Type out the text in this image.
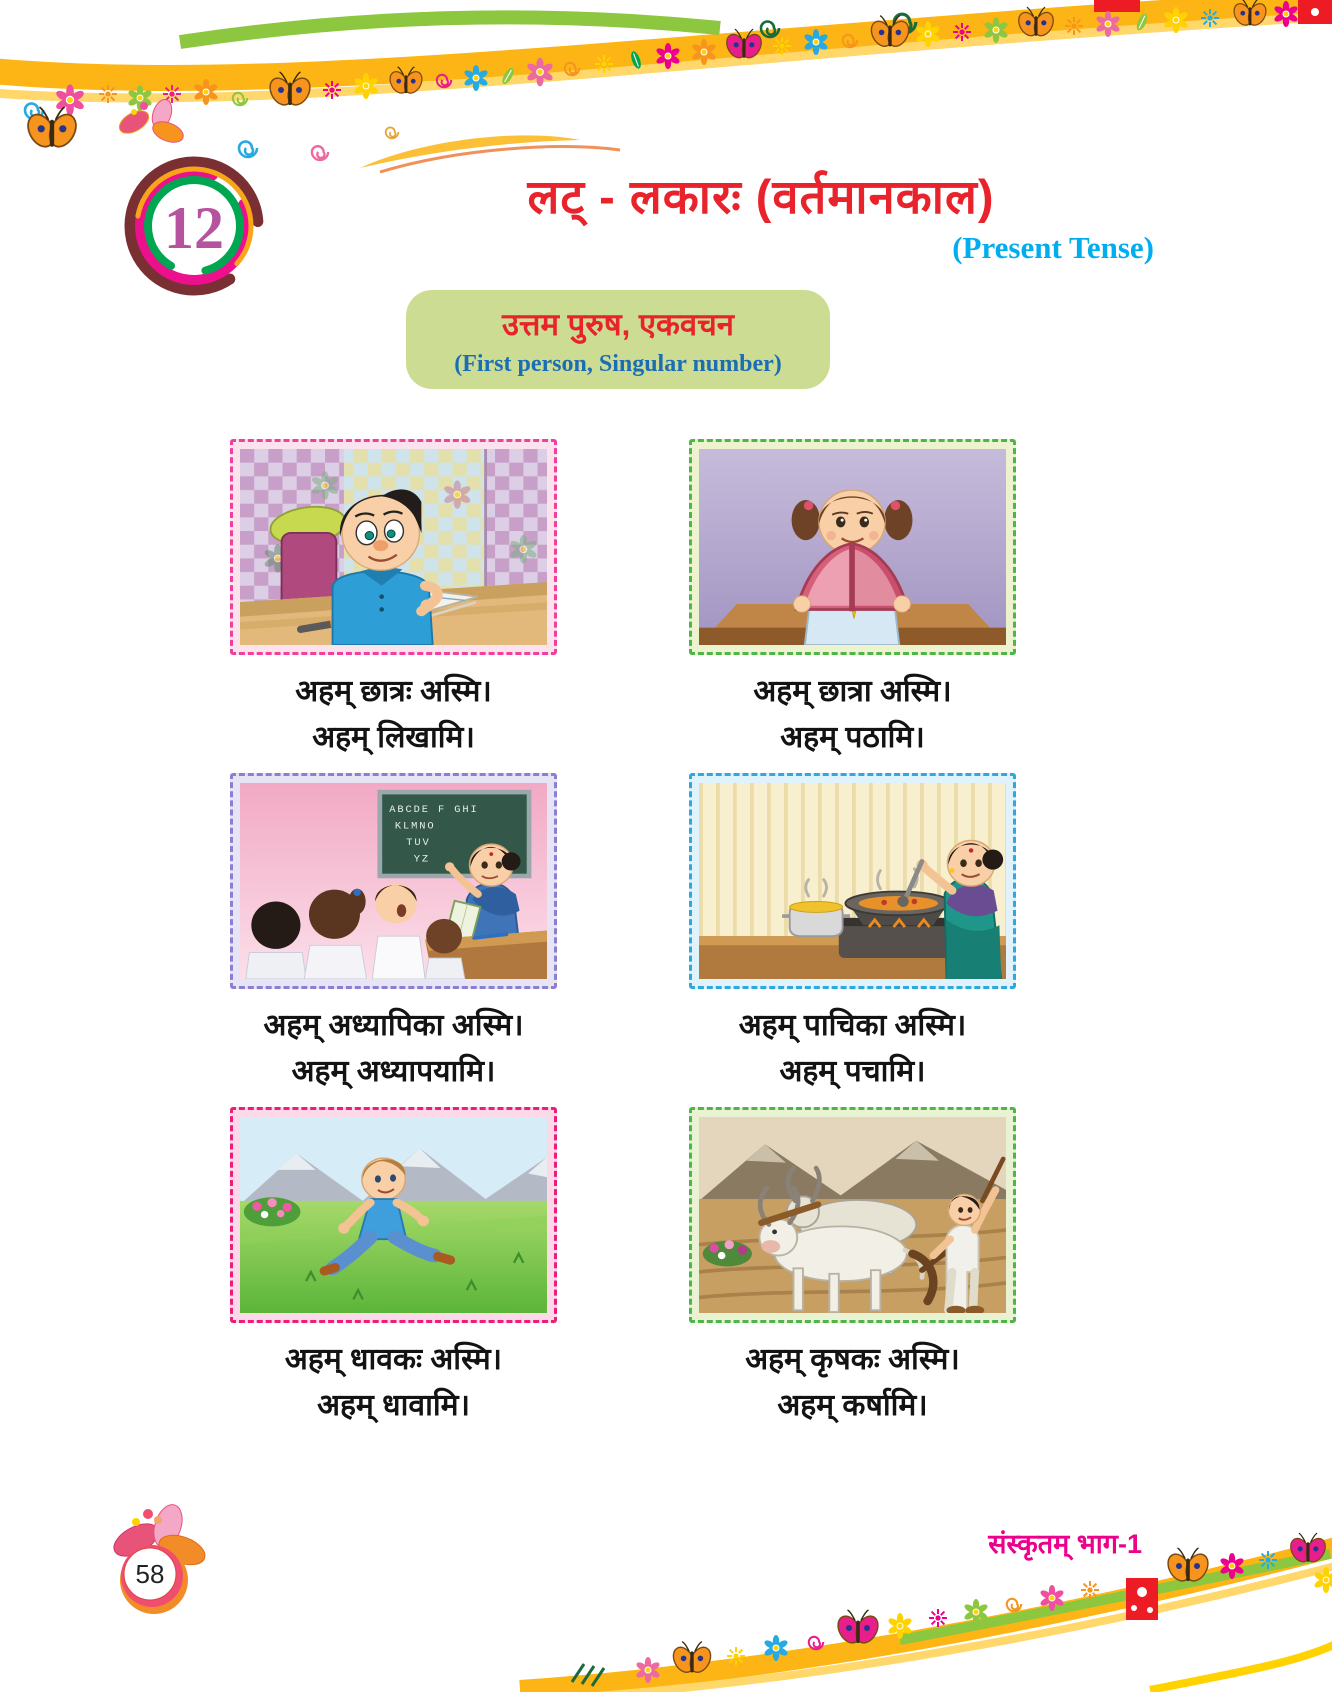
12	लट् - लकारः (वर्तमानकाल)
(Present Tense)
उत्तम पुरुष, एकवचन
(First person, Singular number)
अहम् छात्रः अस्मि।
अहम् लिखामि।
अहम् छात्रा अस्मि।
अहम् पठामि।
ABCDE F GHI
KLMNO
TUV
YZ
अहम् अध्यापिका अस्मि।
अहम् अध्यापयामि।
अहम् पाचिका अस्मि।
अहम् पचामि।
अहम् धावकः अस्मि।
अहम् धावामि।
अहम् कृषकः अस्मि।
अहम् कर्षामि।
58
संस्कृतम् भाग-1
